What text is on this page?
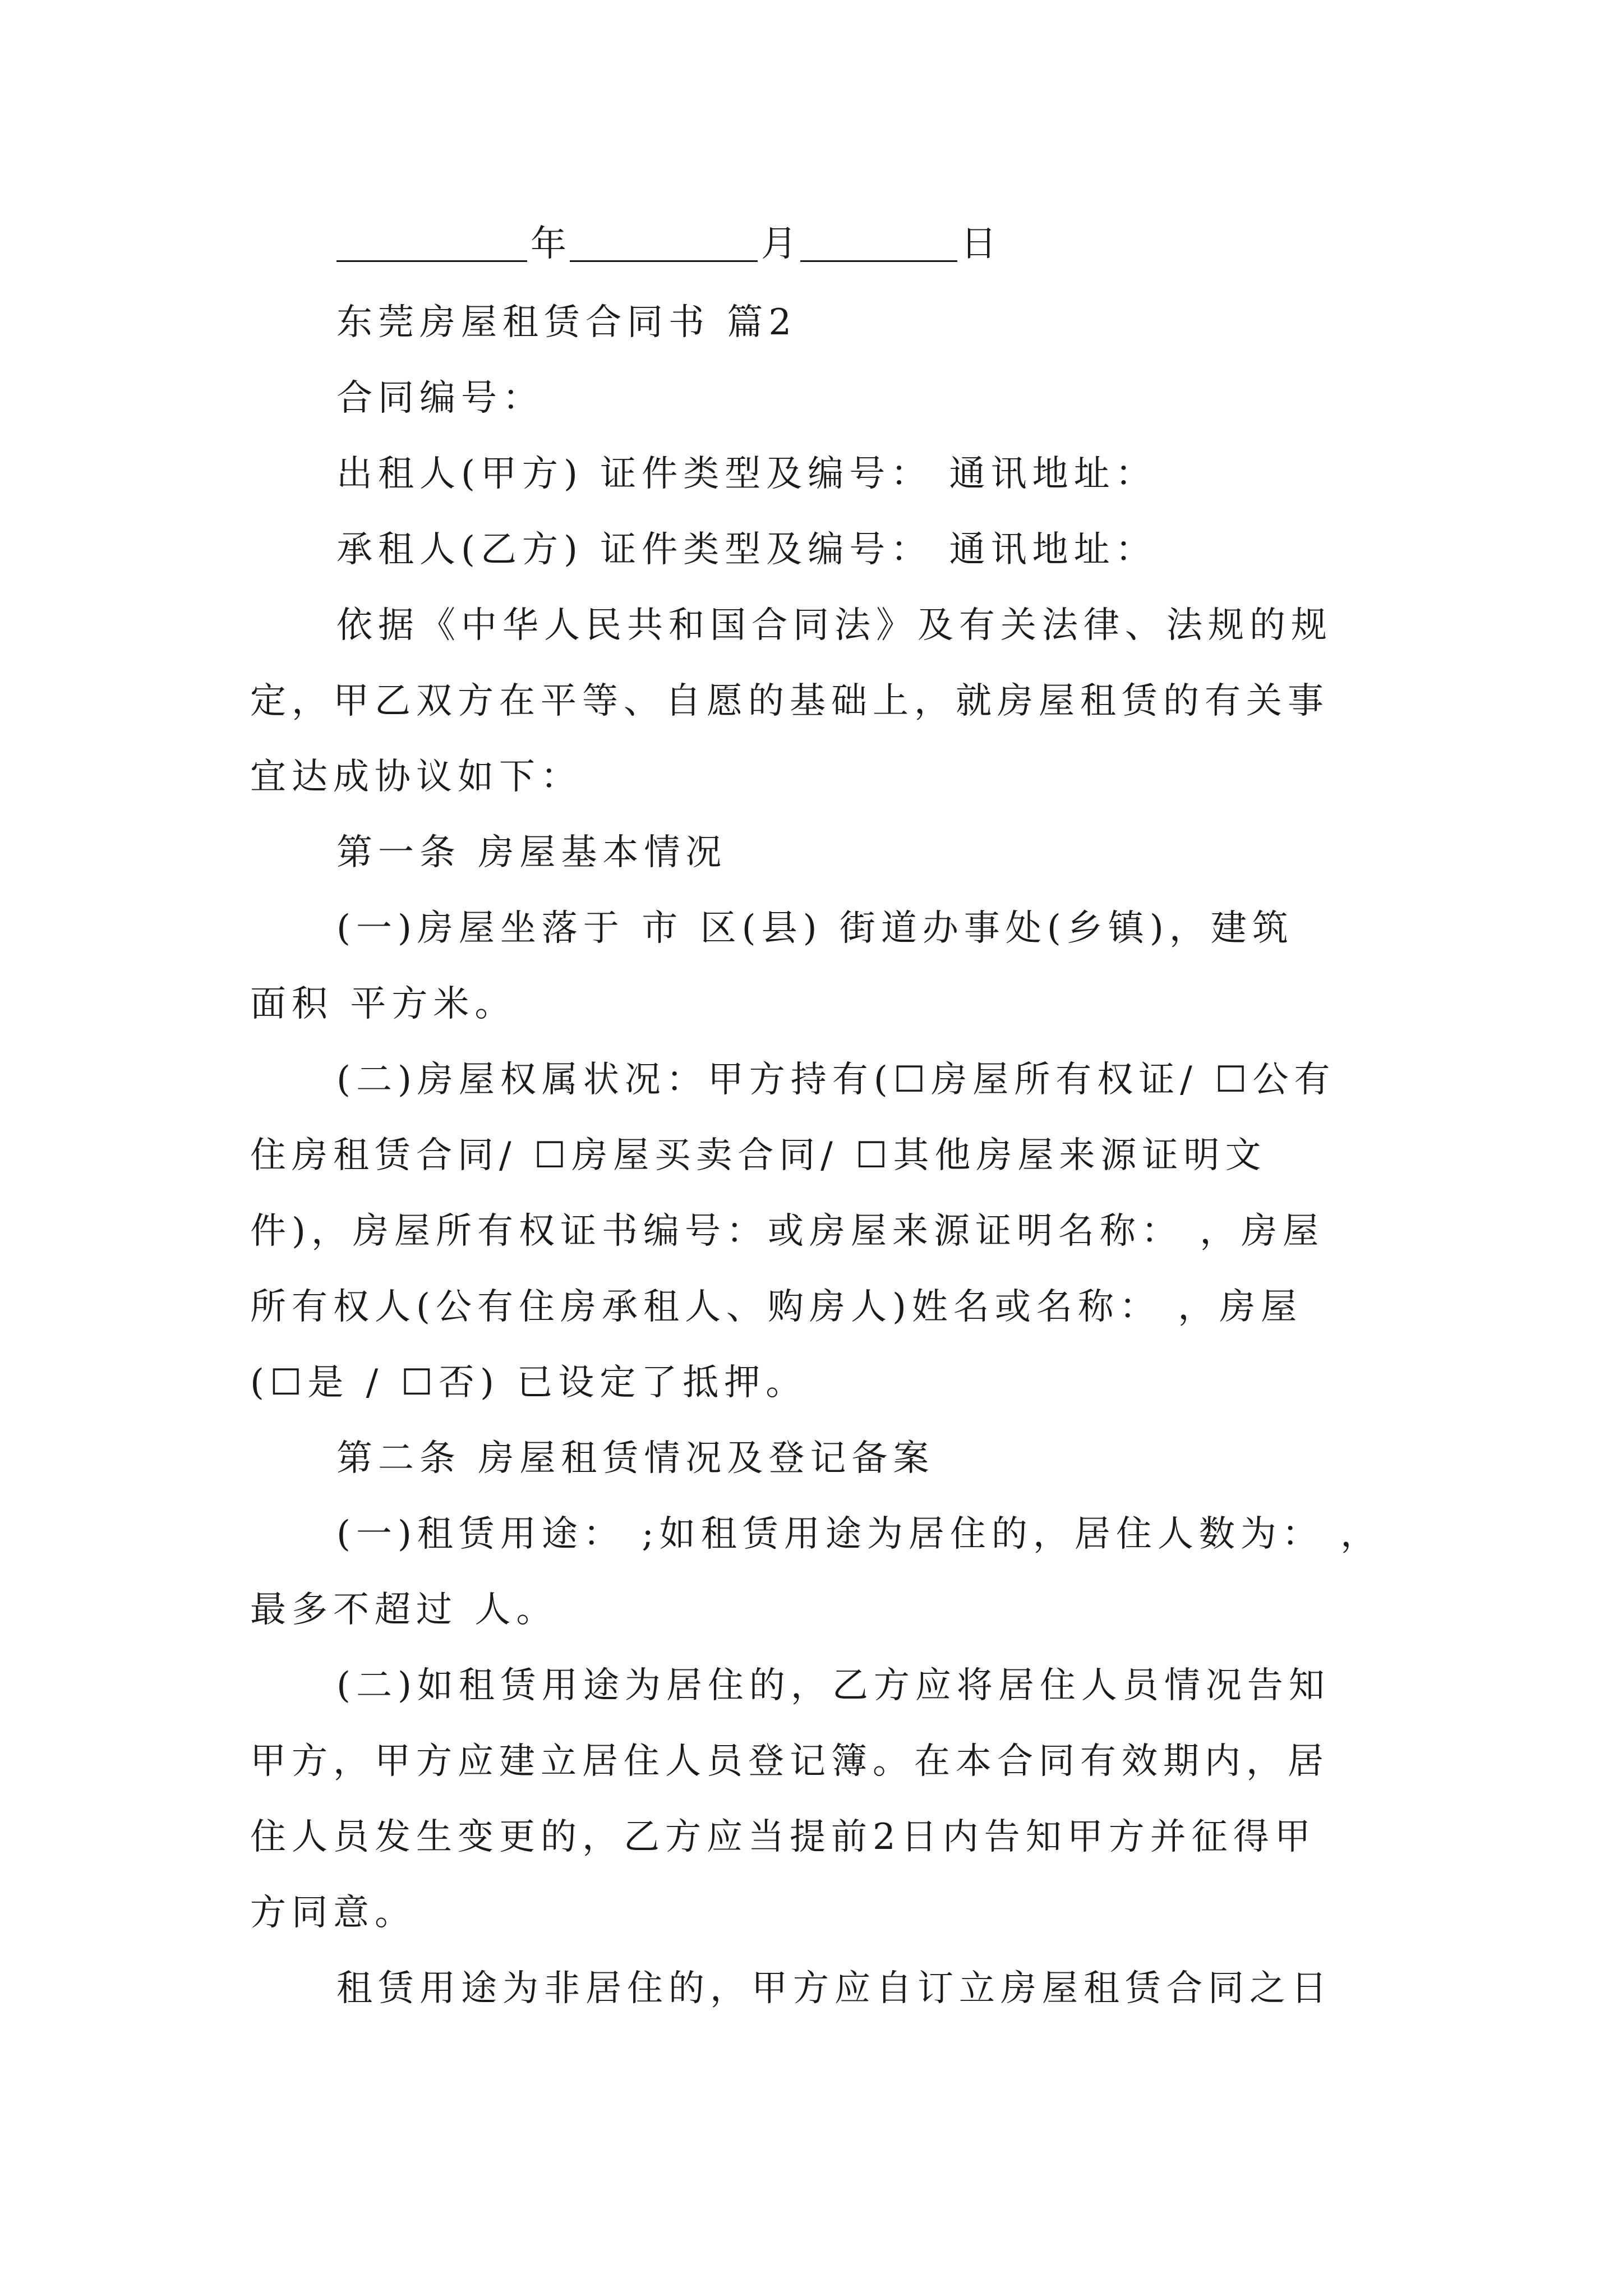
年	月	日
东莞房屋租赁合同书 篇2
合同编号：
出租人(甲方) 证件类型及编号： 通讯地址：
承租人(乙方) 证件类型及编号： 通讯地址：
依据《中华人民共和国合同法》及有关法律、法规的规
定，甲乙双方在平等、自愿的基础上，就房屋租赁的有关事
宜达成协议如下：
第一条 房屋基本情况
(一)房屋坐落于 市 区(县) 街道办事处(乡镇)，建筑
面积 平方米。
(二)房屋权属状况：甲方持有(☐房屋所有权证/ ☐公有
住房租赁合同/ ☐房屋买卖合同/ ☐其他房屋来源证明文
件)，房屋所有权证书编号：或房屋来源证明名称： ，房屋
所有权人(公有住房承租人、购房人)姓名或名称： ，房屋
(☐是 / ☐否) 已设定了抵押。
第二条 房屋租赁情况及登记备案
(一)租赁用途： ;如租赁用途为居住的，居住人数为： ，
最多不超过 人。
(二)如租赁用途为居住的，乙方应将居住人员情况告知
甲方，甲方应建立居住人员登记簿。在本合同有效期内，居
住人员发生变更的，乙方应当提前2日内告知甲方并征得甲
方同意。
租赁用途为非居住的，甲方应自订立房屋租赁合同之日
